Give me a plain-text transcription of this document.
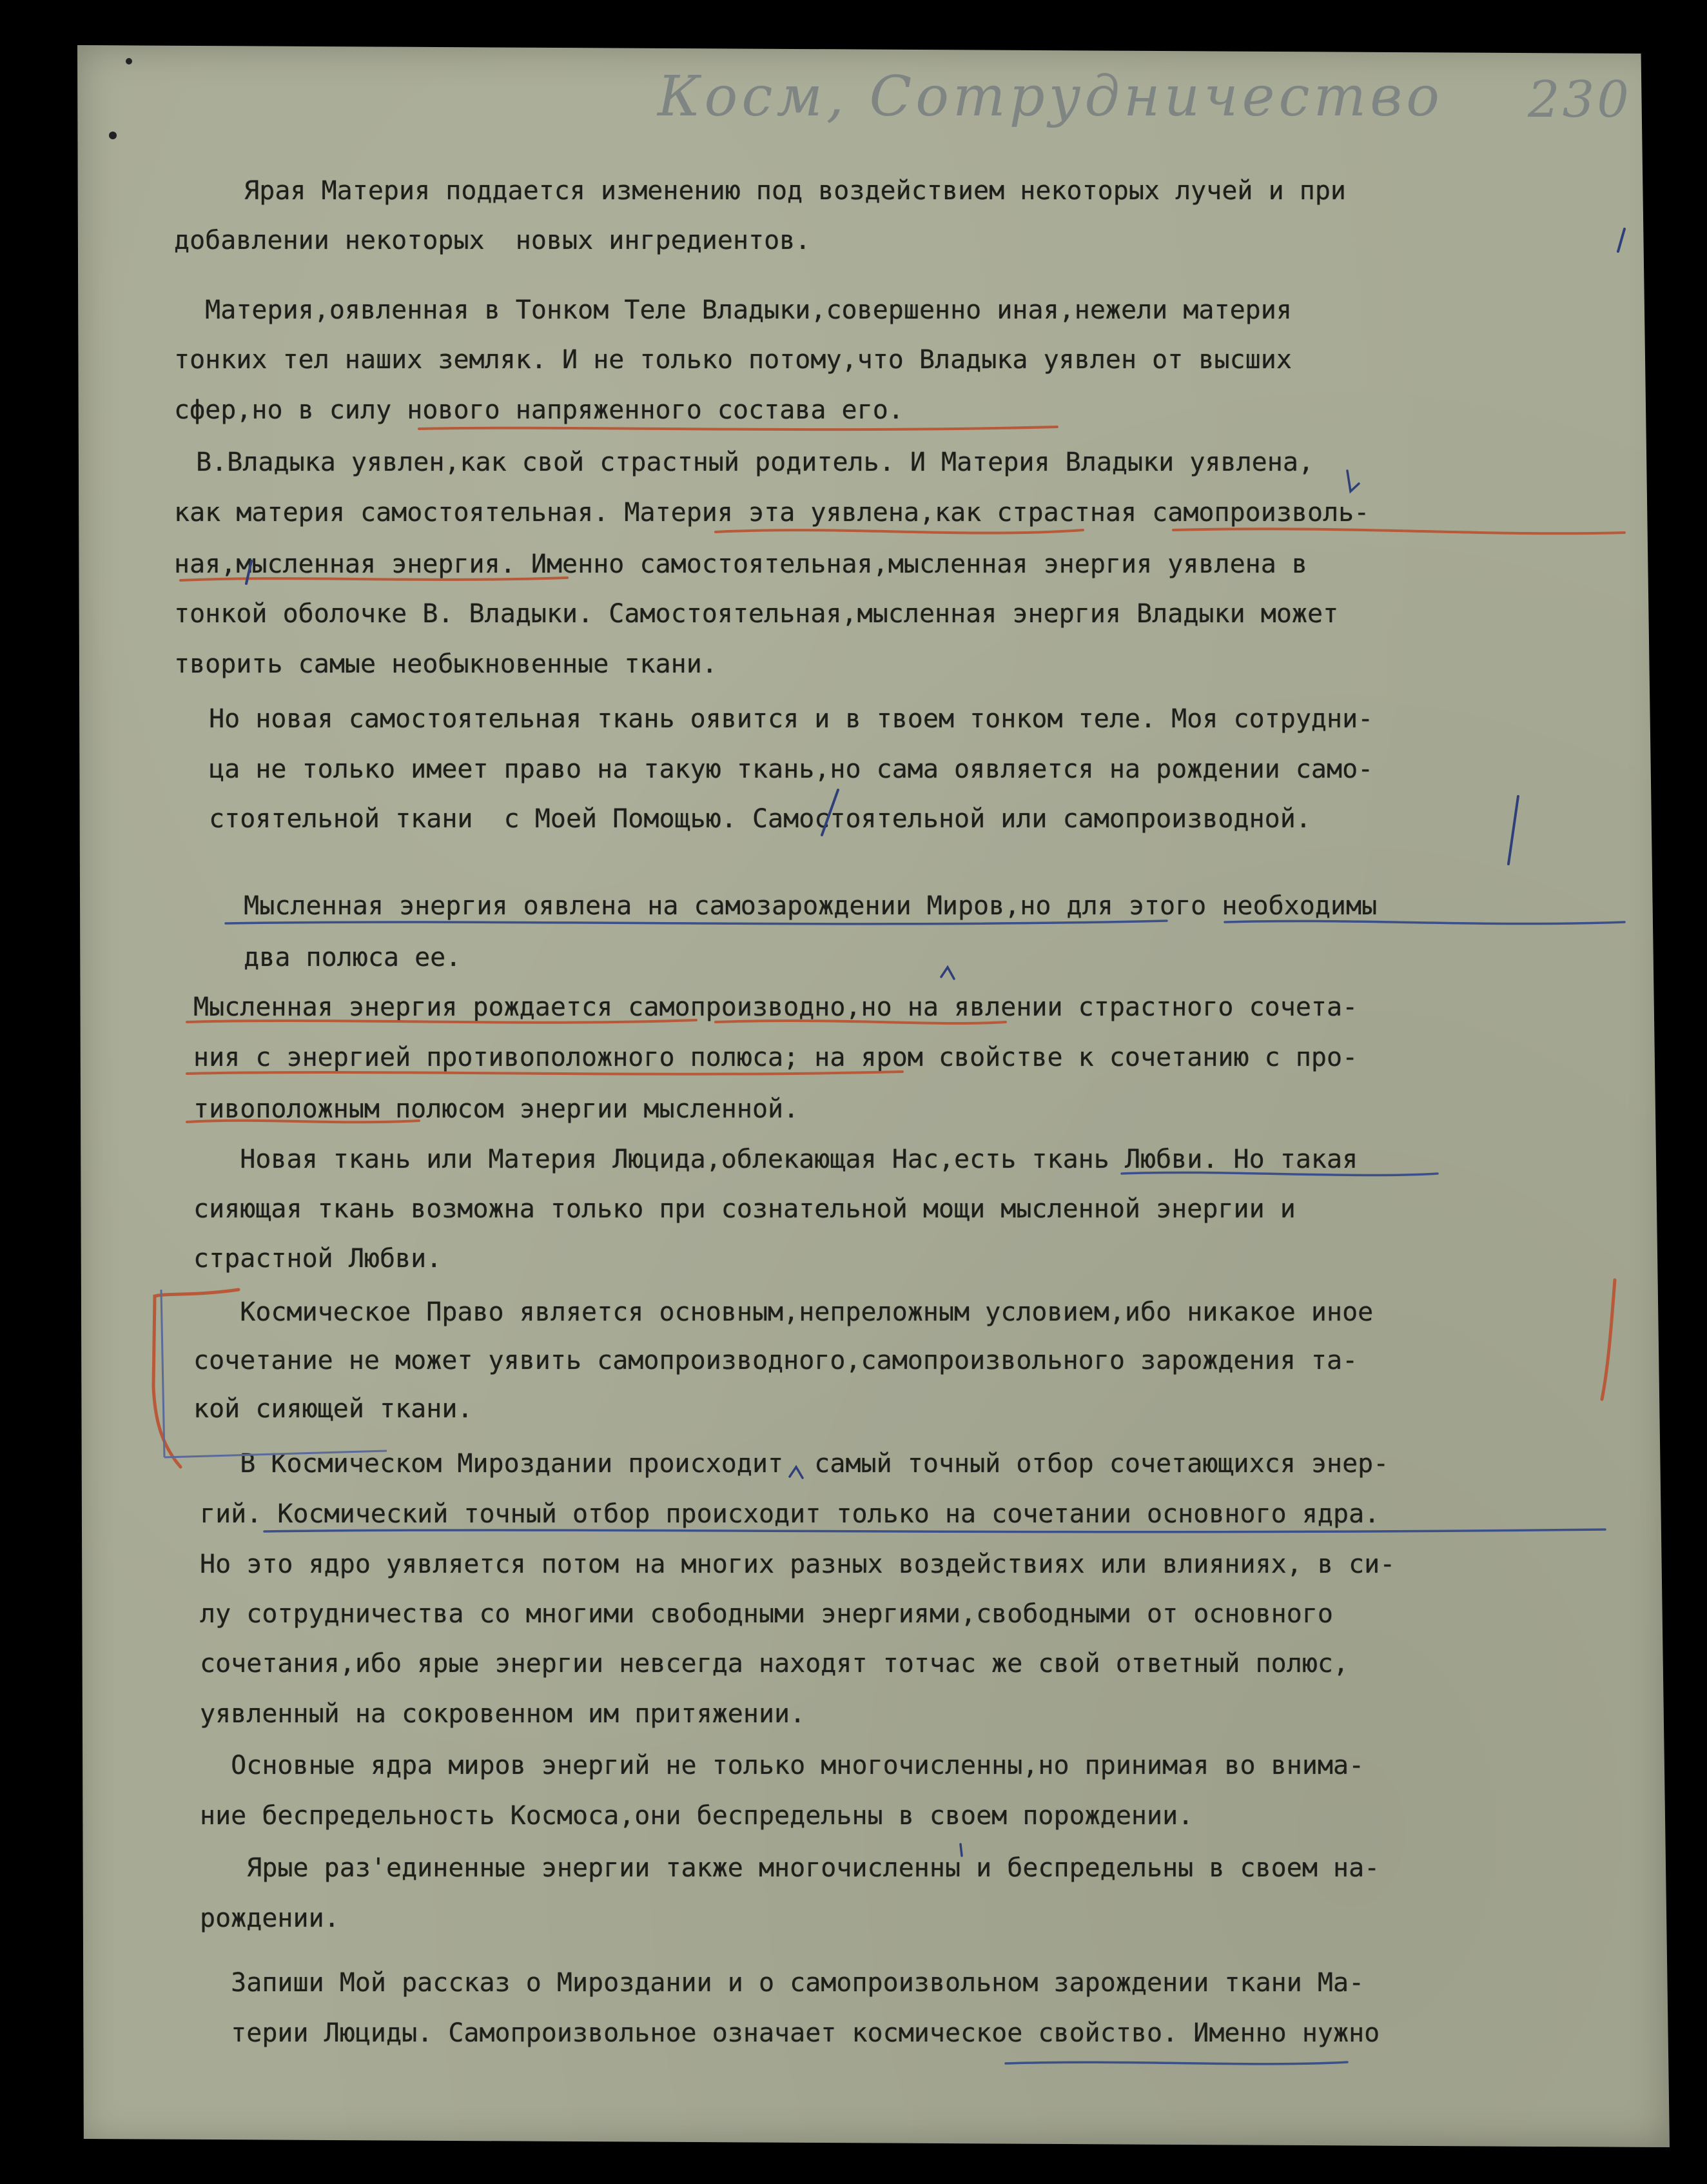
Косм, Сотрудничество 230
Ярая Материя поддается изменению под воздействием некоторых лучей и при
добавлении некоторых  новых ингредиентов.
Материя,оявленная в Тонком Теле Владыки,совершенно иная,нежели материя
тонких тел наших земляк. И не только потому,что Владыка уявлен от высших
сфер,но в силу нового напряженного состава его.
В.Владыка уявлен,как свой страстный родитель. И Материя Владыки уявлена,
как материя самостоятельная. Материя эта уявлена,как страстная самопроизволь-
ная,мысленная энергия. Именно самостоятельная,мысленная энергия уявлена в
тонкой оболочке В. Владыки. Самостоятельная,мысленная энергия Владыки может
творить самые необыкновенные ткани.
Но новая самостоятельная ткань оявится и в твоем тонком теле. Моя сотрудни-
ца не только имеет право на такую ткань,но сама оявляется на рождении само-
стоятельной ткани  с Моей Помощью. Самостоятельной или самопроизводной.
Мысленная энергия оявлена на самозарождении Миров,но для этого необходимы
два полюса ее.
Мысленная энергия рождается самопроизводно,но на явлении страстного сочета-
ния с энергией противоположного полюса; на яром свойстве к сочетанию с про-
тивоположным полюсом энергии мысленной.
Новая ткань или Материя Люцида,облекающая Нас,есть ткань Любви. Но такая
сияющая ткань возможна только при сознательной мощи мысленной энергии и
страстной Любви.
Космическое Право является основным,непреложным условием,ибо никакое иное
сочетание не может уявить самопроизводного,самопроизвольного зарождения та-
кой сияющей ткани.
В Космическом Мироздании происходит  самый точный отбор сочетающихся энер-
гий. Космический точный отбор происходит только на сочетании основного ядра.
Но это ядро уявляется потом на многих разных воздействиях или влияниях, в си-
лу сотрудничества со многими свободными энергиями,свободными от основного
сочетания,ибо ярые энергии невсегда находят тотчас же свой ответный полюс,
уявленный на сокровенном им притяжении.
Основные ядра миров энергий не только многочисленны,но принимая во внима-
ние беспредельность Космоса,они беспредельны в своем порождении.
Ярые раз'единенные энергии также многочисленны и беспредельны в своем на-
рождении.
Запиши Мой рассказ о Мироздании и о самопроизвольном зарождении ткани Ма-
терии Люциды. Самопроизвольное означает космическое свойство. Именно нужно
